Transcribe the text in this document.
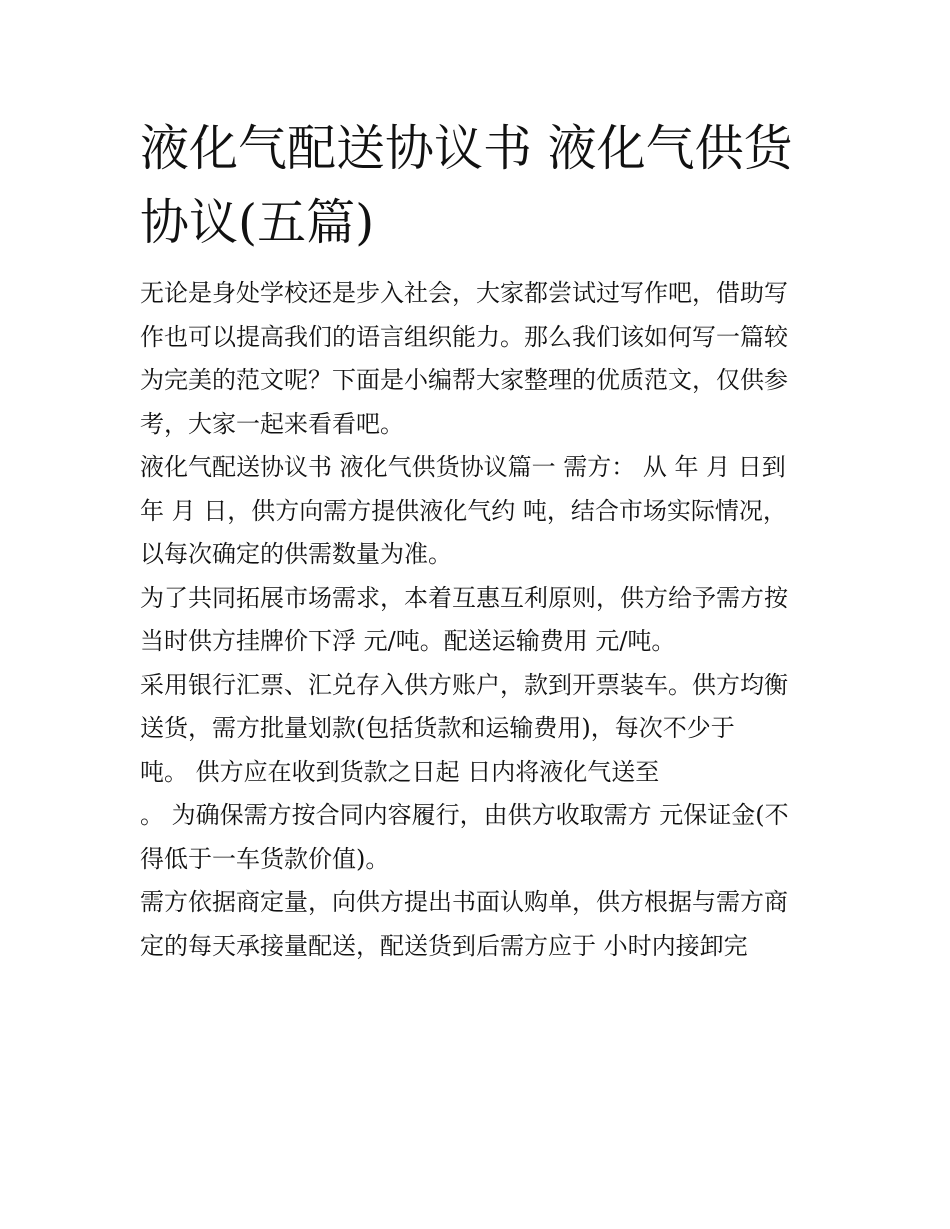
液化气配送协议书 液化气供货
协议(五篇)

无论是身处学校还是步入社会，大家都尝试过写作吧，借助写
作也可以提高我们的语言组织能力。那么我们该如何写一篇较
为完美的范文呢？下面是小编帮大家整理的优质范文，仅供参
考，大家一起来看看吧。

液化气配送协议书 液化气供货协议篇一 需方： 从 年 月 日到
年 月 日，供方向需方提供液化气约 吨，结合市场实际情况，
以每次确定的供需数量为准。

为了共同拓展市场需求，本着互惠互利原则，供方给予需方按
当时供方挂牌价下浮 元/吨。配送运输费用 元/吨。

采用银行汇票、汇兑存入供方账户，款到开票装车。供方均衡
送货，需方批量划款(包括货款和运输费用)，每次不少于
吨。 供方应在收到货款之日起 日内将液化气送至
。 为确保需方按合同内容履行，由供方收取需方 元保证金(不
得低于一车货款价值)。

需方依据商定量，向供方提出书面认购单，供方根据与需方商
定的每天承接量配送，配送货到后需方应于 小时内接卸完
